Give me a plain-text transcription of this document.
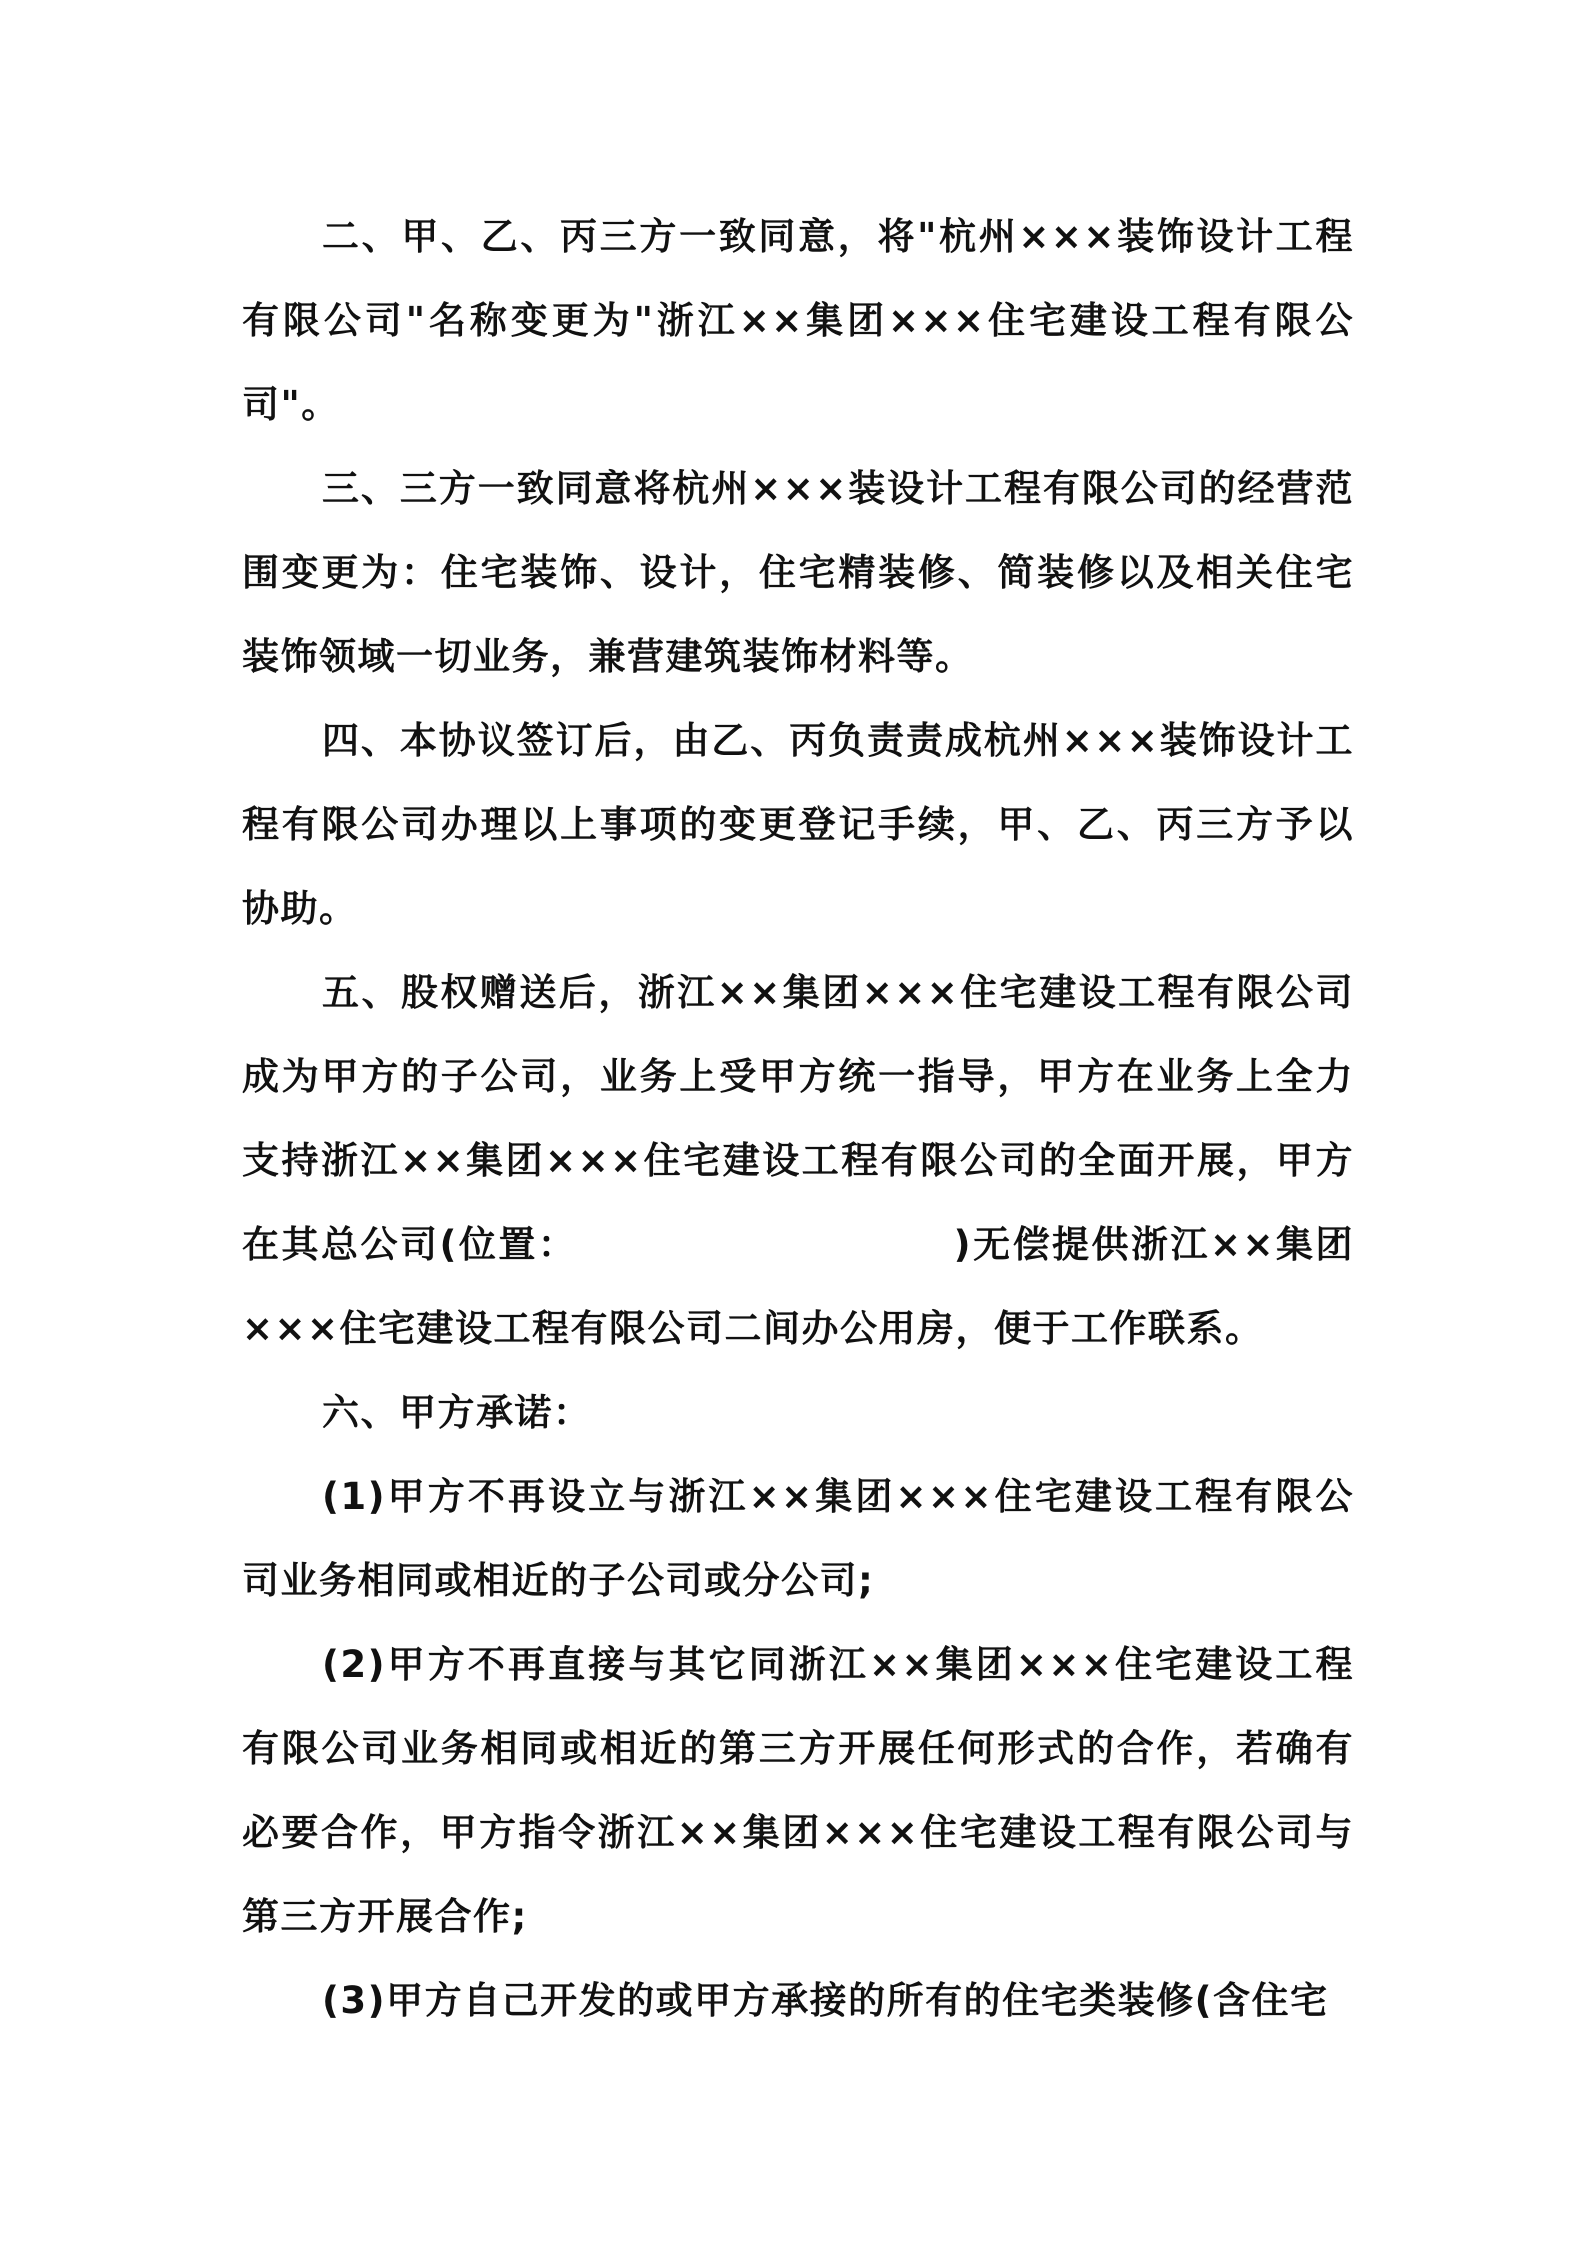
二、甲、乙、丙三方一致同意，将"杭州×××装饰设计工程有限公司"名称变更为"浙江××集团×××住宅建设工程有限公司"。

三、三方一致同意将杭州×××装设计工程有限公司的经营范围变更为：住宅装饰、设计，住宅精装修、简装修以及相关住宅装饰领域一切业务，兼营建筑装饰材料等。

四、本协议签订后，由乙、丙负责责成杭州×××装饰设计工程有限公司办理以上事项的变更登记手续，甲、乙、丙三方予以协助。

五、股权赠送后，浙江××集团×××住宅建设工程有限公司成为甲方的子公司，业务上受甲方统一指导，甲方在业务上全力支持浙江××集团×××住宅建设工程有限公司的全面开展，甲方在其总公司(位置：　　　　　　　　　　)无偿提供浙江××集团×××住宅建设工程有限公司二间办公用房，便于工作联系。

六、甲方承诺：

(1)甲方不再设立与浙江××集团×××住宅建设工程有限公司业务相同或相近的子公司或分公司;

(2)甲方不再直接与其它同浙江××集团×××住宅建设工程有限公司业务相同或相近的第三方开展任何形式的合作，若确有必要合作，甲方指令浙江××集团×××住宅建设工程有限公司与第三方开展合作;

(3)甲方自己开发的或甲方承接的所有的住宅类装修(含住宅
